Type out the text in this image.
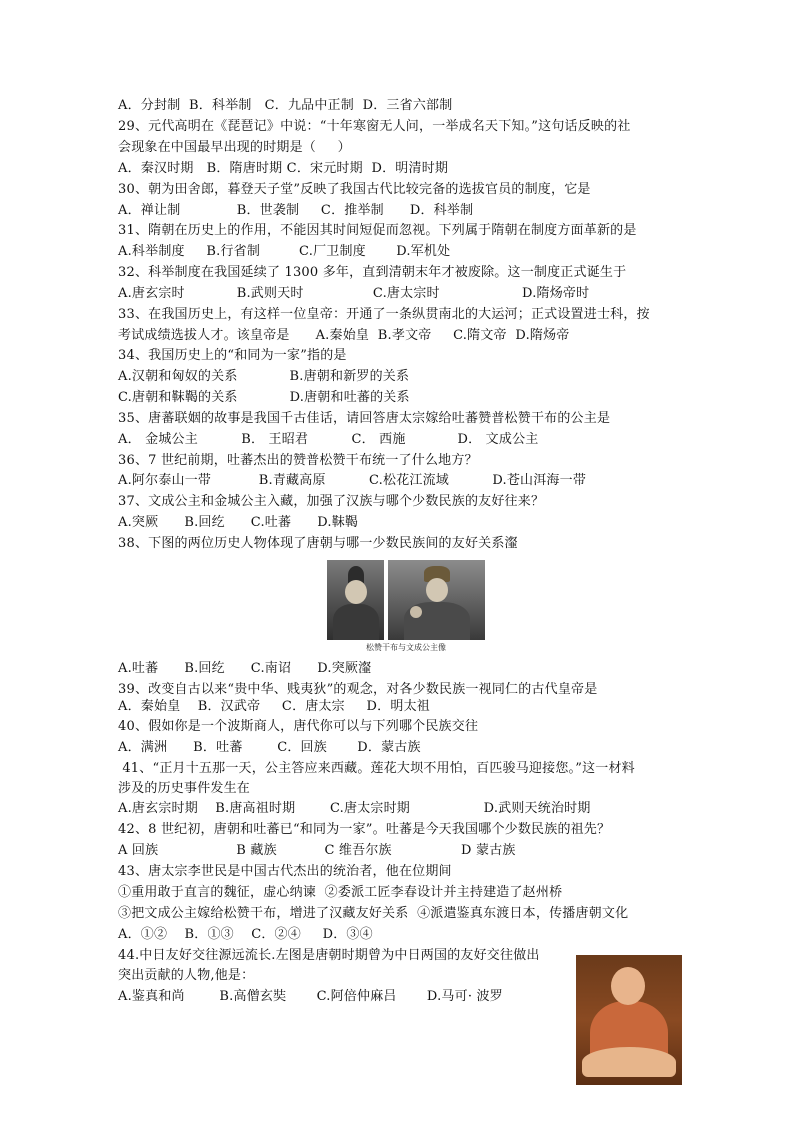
A．分封制  B．科举制   C．九品中正制  D．三省六部制
29、元代高明在《琵琶记》中说：“十年寒窗无人问，一举成名天下知。”这句话反映的社
会现象在中国最早出现的时期是（     ）
A．秦汉时期   B．隋唐时期 C．宋元时期  D．明清时期
30、朝为田舍郎，暮登天子堂”反映了我国古代比较完备的选拔官员的制度，它是
A．禅让制             B．世袭制     C．推举制      D．科举制
31、隋朝在历史上的作用，不能因其时间短促而忽视。下列属于隋朝在制度方面革新的是
A.科举制度     B.行省制         C.厂卫制度       D.军机处
32、科举制度在我国延续了 1300 多年，直到清朝末年才被废除。这一制度正式诞生于
A.唐玄宗时            B.武则天时                C.唐太宗时                   D.隋炀帝时
33、在我国历史上，有这样一位皇帝：开通了一条纵贯南北的大运河；正式设置进士科，按
考试成绩选拔人才。该皇帝是      A.秦始皇  B.孝文帝     C.隋文帝  D.隋炀帝
34、我国历史上的“和同为一家”指的是
A.汉朝和匈奴的关系            B.唐朝和新罗的关系
C.唐朝和靺鞨的关系            D.唐朝和吐蕃的关系
35、唐蕃联姻的故事是我国千古佳话，请回答唐太宗嫁给吐蕃赞普松赞干布的公主是
A． 金城公主          B． 王昭君          C． 西施            D． 文成公主
36、7 世纪前期，吐蕃杰出的赞普松赞干布统一了什么地方？
A.阿尔泰山一带           B.青藏高原          C.松花江流域          D.苍山洱海一带
37、文成公主和金城公主入藏，加强了汉族与哪个少数民族的友好往来？
A.突厥      B.回纥      C.吐蕃      D.靺鞨
38、下图的两位历史人物体现了唐朝与哪一少数民族间的友好关系瀣
松赞干布与文成公主像
A.吐蕃      B.回纥      C.南诏      D.突厥瀣
39、改变自古以来“贵中华、贱夷狄”的观念，对各少数民族一视同仁的古代皇帝是
A．秦始皇    B．汉武帝     C．唐太宗     D．明太祖
40、假如你是一个波斯商人，唐代你可以与下列哪个民族交往
A．满洲      B．吐蕃        C．回族       D．蒙古族
41、“正月十五那一天，公主答应来西藏。莲花大坝不用怕，百匹骏马迎接您。”这一材料
涉及的历史事件发生在
A.唐玄宗时期    B.唐高祖时期        C.唐太宗时期                 D.武则天统治时期
42、8 世纪初，唐朝和吐蕃已“和同为一家”。吐蕃是今天我国哪个少数民族的祖先？
A 回族                  B 藏族           C 维吾尔族                D 蒙古族
43、唐太宗李世民是中国古代杰出的统治者，他在位期间
①重用敢于直言的魏征，虚心纳谏  ②委派工匠李春设计并主持建造了赵州桥
③把文成公主嫁给松赞干布，增进了汉藏友好关系  ④派遣鉴真东渡日本，传播唐朝文化
A．①②    B．①③    C．②④     D．③④
44.中日友好交往源远流长.左图是唐朝时期曾为中日两国的友好交往做出
突出贡献的人物,他是：
A.鉴真和尚        B.高僧玄奘       C.阿倍仲麻吕       D.马可· 波罗
